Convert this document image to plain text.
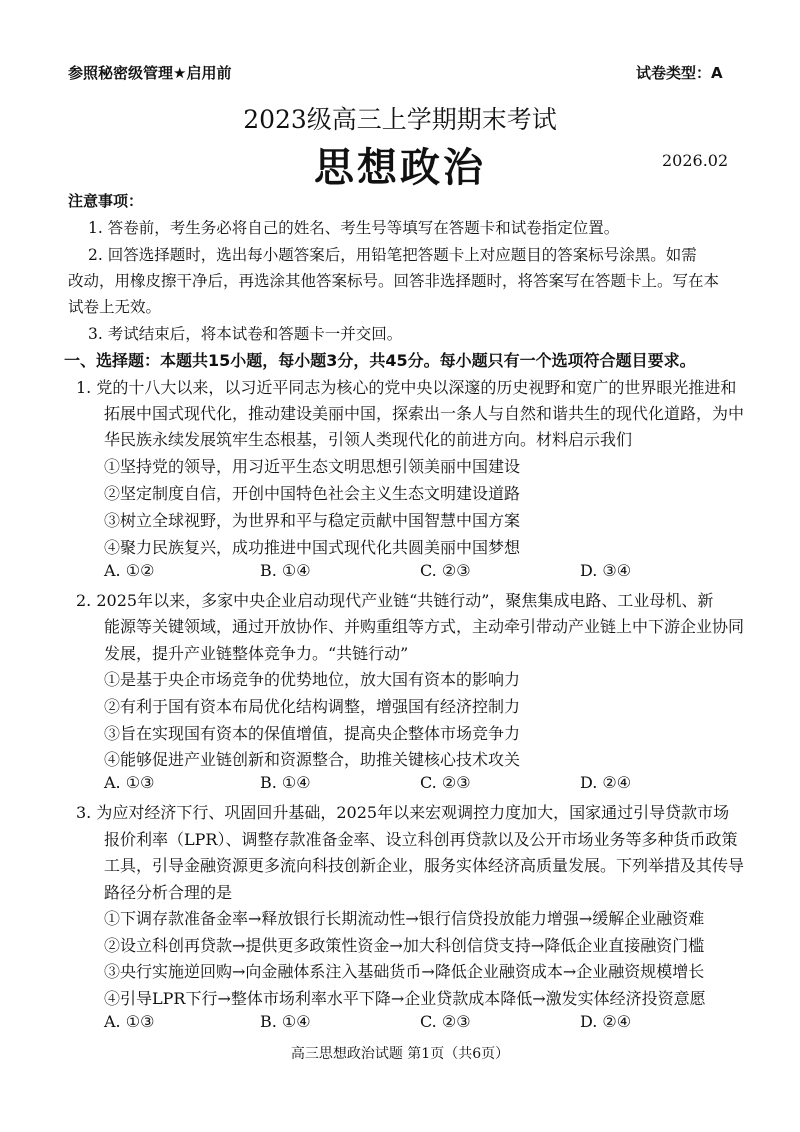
参照秘密级管理★启用前	试卷类型：A
2023级高三上学期期末考试
思想政治	2026.02
注意事项：
1. 答卷前，考生务必将自己的姓名、考生号等填写在答题卡和试卷指定位置。
2. 回答选择题时，选出每小题答案后，用铅笔把答题卡上对应题目的答案标号涂黑。如需
改动，用橡皮擦干净后，再选涂其他答案标号。回答非选择题时，将答案写在答题卡上。写在本
试卷上无效。
3. 考试结束后，将本试卷和答题卡一并交回。
一、选择题：本题共15小题，每小题3分，共45分。每小题只有一个选项符合题目要求。
1. 党的十八大以来，以习近平同志为核心的党中央以深邃的历史视野和宽广的世界眼光推进和
拓展中国式现代化，推动建设美丽中国，探索出一条人与自然和谐共生的现代化道路，为中
华民族永续发展筑牢生态根基，引领人类现代化的前进方向。材料启示我们
①坚持党的领导，用习近平生态文明思想引领美丽中国建设
②坚定制度自信，开创中国特色社会主义生态文明建设道路
③树立全球视野，为世界和平与稳定贡献中国智慧中国方案
④聚力民族复兴，成功推进中国式现代化共圆美丽中国梦想
A. ①②	B. ①④	C. ②③	D. ③④
2. 2025年以来，多家中央企业启动现代产业链“共链行动”，聚焦集成电路、工业母机、新
能源等关键领域，通过开放协作、并购重组等方式，主动牵引带动产业链上中下游企业协同
发展，提升产业链整体竞争力。“共链行动”
①是基于央企市场竞争的优势地位，放大国有资本的影响力
②有利于国有资本布局优化结构调整，增强国有经济控制力
③旨在实现国有资本的保值增值，提高央企整体市场竞争力
④能够促进产业链创新和资源整合，助推关键核心技术攻关
A. ①③	B. ①④	C. ②③	D. ②④
3. 为应对经济下行、巩固回升基础，2025年以来宏观调控力度加大，国家通过引导贷款市场
报价利率（LPR）、调整存款准备金率、设立科创再贷款以及公开市场业务等多种货币政策
工具，引导金融资源更多流向科技创新企业，服务实体经济高质量发展。下列举措及其传导
路径分析合理的是
①下调存款准备金率→释放银行长期流动性→银行信贷投放能力增强→缓解企业融资难
②设立科创再贷款→提供更多政策性资金→加大科创信贷支持→降低企业直接融资门槛
③央行实施逆回购→向金融体系注入基础货币→降低企业融资成本→企业融资规模增长
④引导LPR下行→整体市场利率水平下降→企业贷款成本降低→激发实体经济投资意愿
A. ①③	B. ①④	C. ②③	D. ②④
高三思想政治试题 第1页（共6页）
